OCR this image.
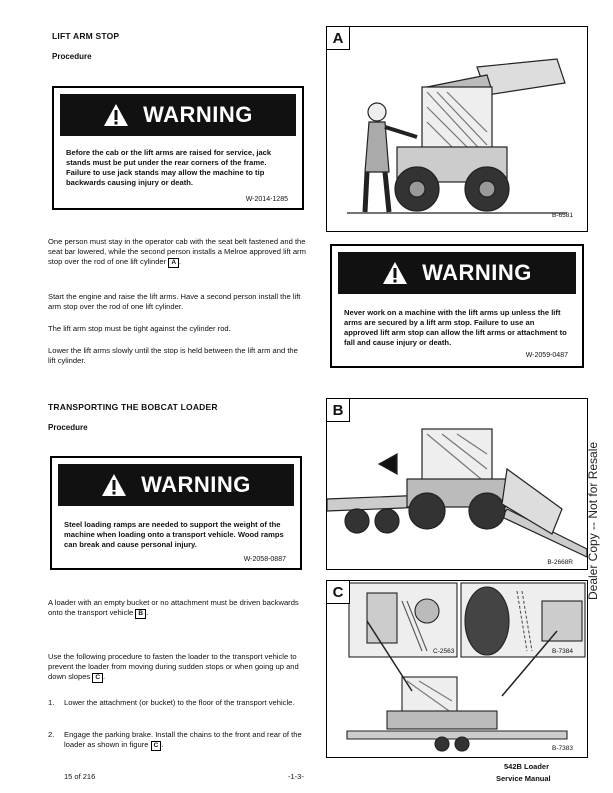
LIFT ARM STOP
Procedure
WARNING
Before the cab or the lift arms are raised for service, jack stands must be put under the rear corners of the frame. Failure to use jack stands may allow the machine to tip backwards causing injury or death.
W-2014-1285
One person must stay in the operator cab with the seat belt fastened and the seat bar lowered, while the second person installs a Melroe approved lift arm stop over the rod of one lift cylinder A .
Start the engine and raise the lift arms. Have a second person install the lift arm stop over the rod of one lift cylinder.
The lift arm stop must be tight against the cylinder rod.
Lower the lift arms slowly until the stop is held between the lift arm and the lift cylinder.
TRANSPORTING THE BOBCAT LOADER
Procedure
WARNING
Steel loading ramps are needed to support the weight of the machine when loading onto a transport vehicle. Wood ramps can break and cause personal injury.
W-2058-0887
A loader with an empty bucket or no attachment must be driven backwards onto the transport vehicle B .
Use the following procedure to fasten the loader to the transport vehicle to prevent the loader from moving during sudden stops or when going up and down slopes C .
1. Lower the attachment (or bucket) to the floor of the transport vehicle.
2. Engage the parking brake. Install the chains to the front and rear of the loader as shown in figure C .
A
B-6581
WARNING
Never work on a machine with the lift arms up unless the lift arms are secured by a lift arm stop. Failure to use an approved lift arm stop can allow the lift arms or attachment to fall and cause injury or death.
W-2059-0487
B
B-2668R
C
C-2563	B-7384
B-7383
Dealer Copy -- Not for Resale
15 of 216	-1-3-
542B Loader
Service Manual
